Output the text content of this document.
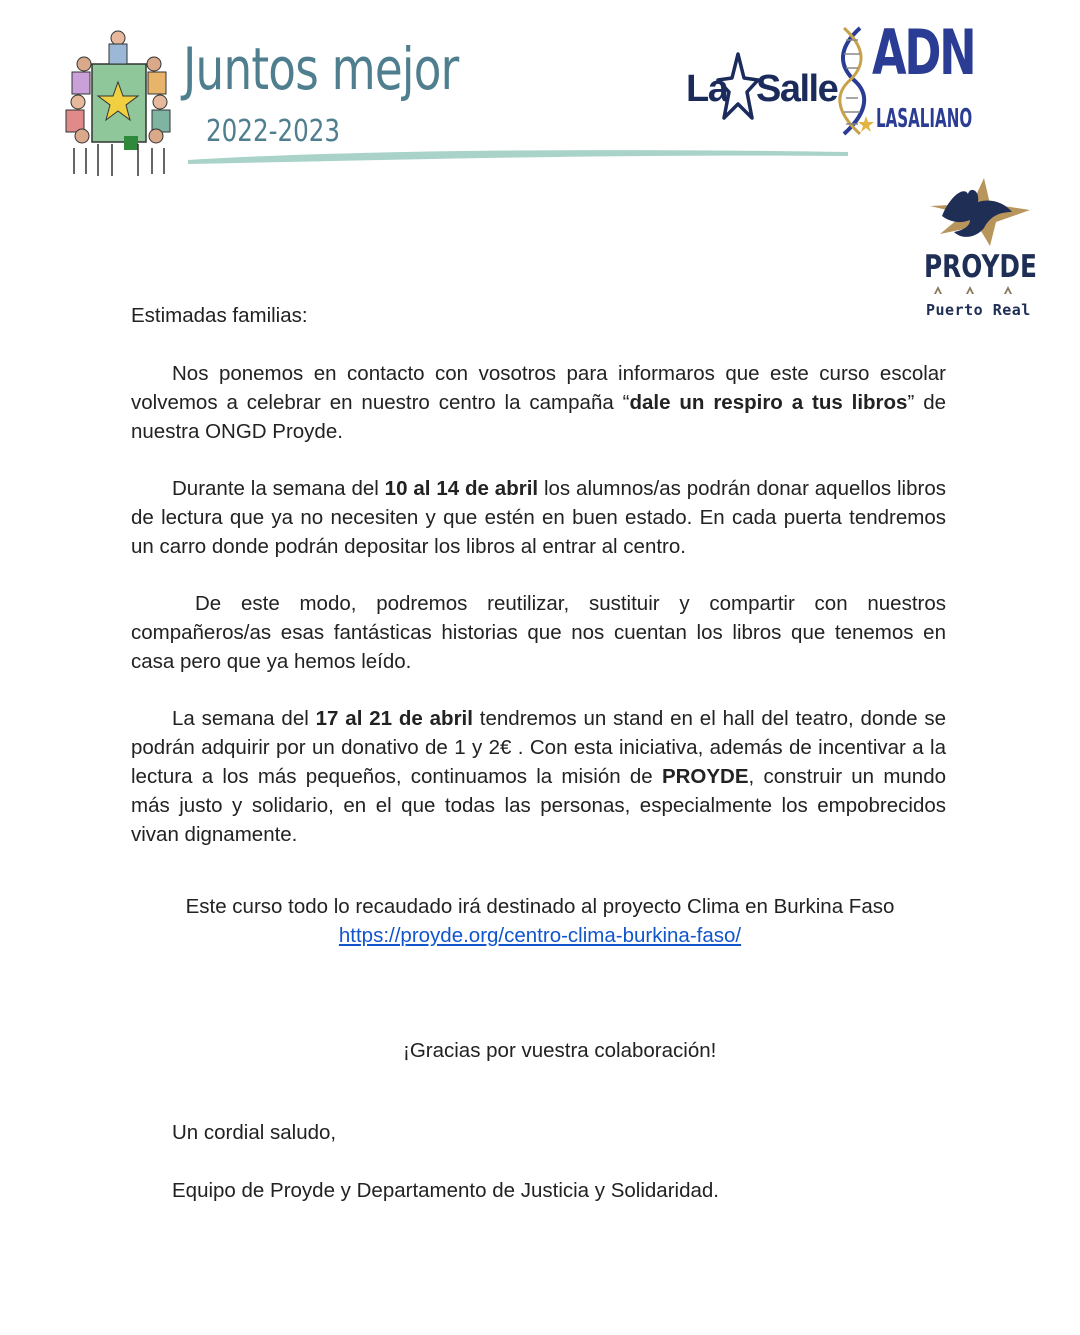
Juntos mejor
2022-2023
La Salle ADN
LASALIANO
PROYDE
Puerto Real
Estimadas familias:
Nos ponemos en contacto con vosotros para informaros que este curso escolar volvemos a celebrar en nuestro centro la campaña “dale un respiro a tus libros” de nuestra ONGD Proyde.
Durante la semana del 10 al 14 de abril los alumnos/as podrán donar aquellos libros de lectura que ya no necesiten y que estén en buen estado. En cada puerta tendremos un carro donde podrán depositar los libros al entrar al centro.
De este modo, podremos reutilizar, sustituir y compartir con nuestros compañeros/as esas fantásticas historias que nos cuentan los libros que tenemos en casa pero que ya hemos leído.
La semana del 17 al 21 de abril tendremos un stand en el hall del teatro, donde se podrán adquirir por un donativo de 1 y 2€ . Con esta iniciativa, además de incentivar a la lectura a los más pequeños, continuamos la misión de PROYDE, construir un mundo más justo y solidario, en el que todas las personas, especialmente los empobrecidos vivan dignamente.
Este curso todo lo recaudado irá destinado al proyecto Clima en Burkina Faso
https://proyde.org/centro-clima-burkina-faso/
¡Gracias por vuestra colaboración!
Un cordial saludo,
Equipo de Proyde y Departamento de Justicia y Solidaridad.
